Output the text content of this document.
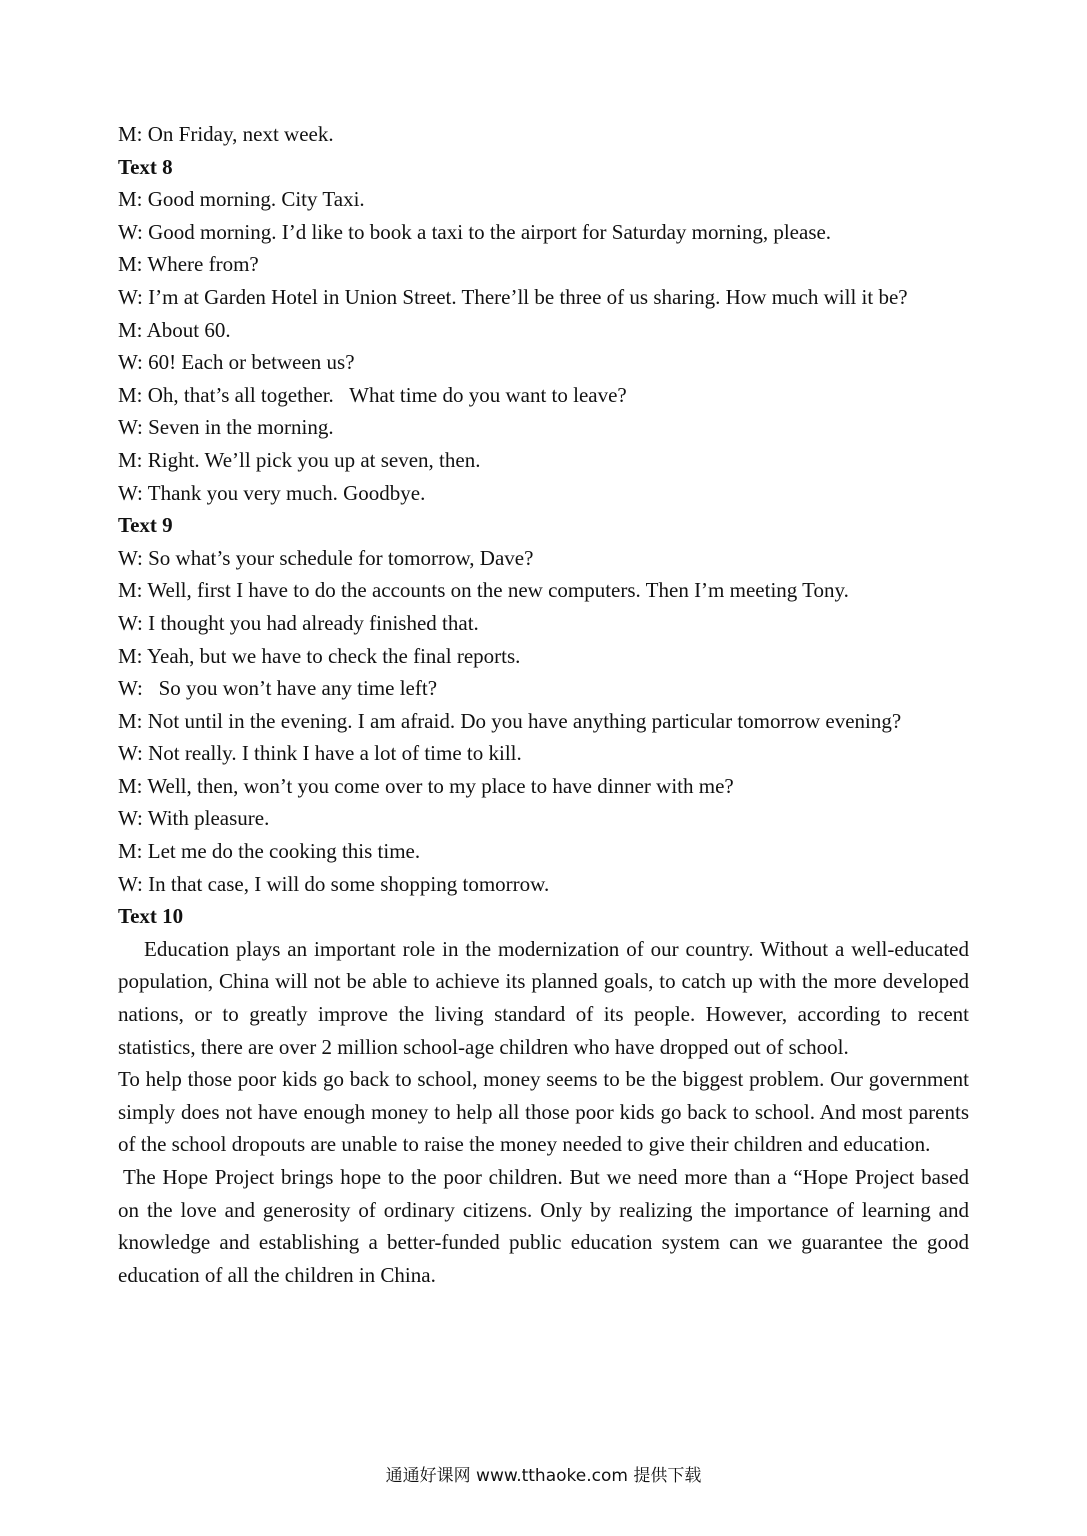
M: On Friday, next week.

Text 8

M: Good morning. City Taxi.

W: Good morning. I’d like to book a taxi to the airport for Saturday morning, please.

M: Where from?

W: I’m at Garden Hotel in Union Street. There’ll be three of us sharing. How much will it be?

M: About 60.

W: 60! Each or between us?

M: Oh, that’s all together.   What time do you want to leave?

W: Seven in the morning.

M: Right. We’ll pick you up at seven, then.

W: Thank you very much. Goodbye.

Text 9

W: So what’s your schedule for tomorrow, Dave?

M: Well, first I have to do the accounts on the new computers. Then I’m meeting Tony.

W: I thought you had already finished that.

M: Yeah, but we have to check the final reports.

W:   So you won’t have any time left?

M: Not until in the evening. I am afraid. Do you have anything particular tomorrow evening?

W: Not really. I think I have a lot of time to kill.

M: Well, then, won’t you come over to my place to have dinner with me?

W: With pleasure.

M: Let me do the cooking this time.

W: In that case, I will do some shopping tomorrow.

Text 10

Education plays an important role in the modernization of our country. Without a well-educated population, China will not be able to achieve its planned goals, to catch up with the more developed nations, or to greatly improve the living standard of its people. However, according to recent statistics, there are over 2 million school-age children who have dropped out of school.

To help those poor kids go back to school, money seems to be the biggest problem. Our government simply does not have enough money to help all those poor kids go back to school. And most parents of the school dropouts are unable to raise the money needed to give their children and education.

The Hope Project brings hope to the poor children. But we need more than a “Hope Project based on the love and generosity of ordinary citizens. Only by realizing the importance of learning and knowledge and establishing a better-funded public education system can we guarantee the good education of all the children in China.

通通好课网 www.tthaoke.com 提供下载
